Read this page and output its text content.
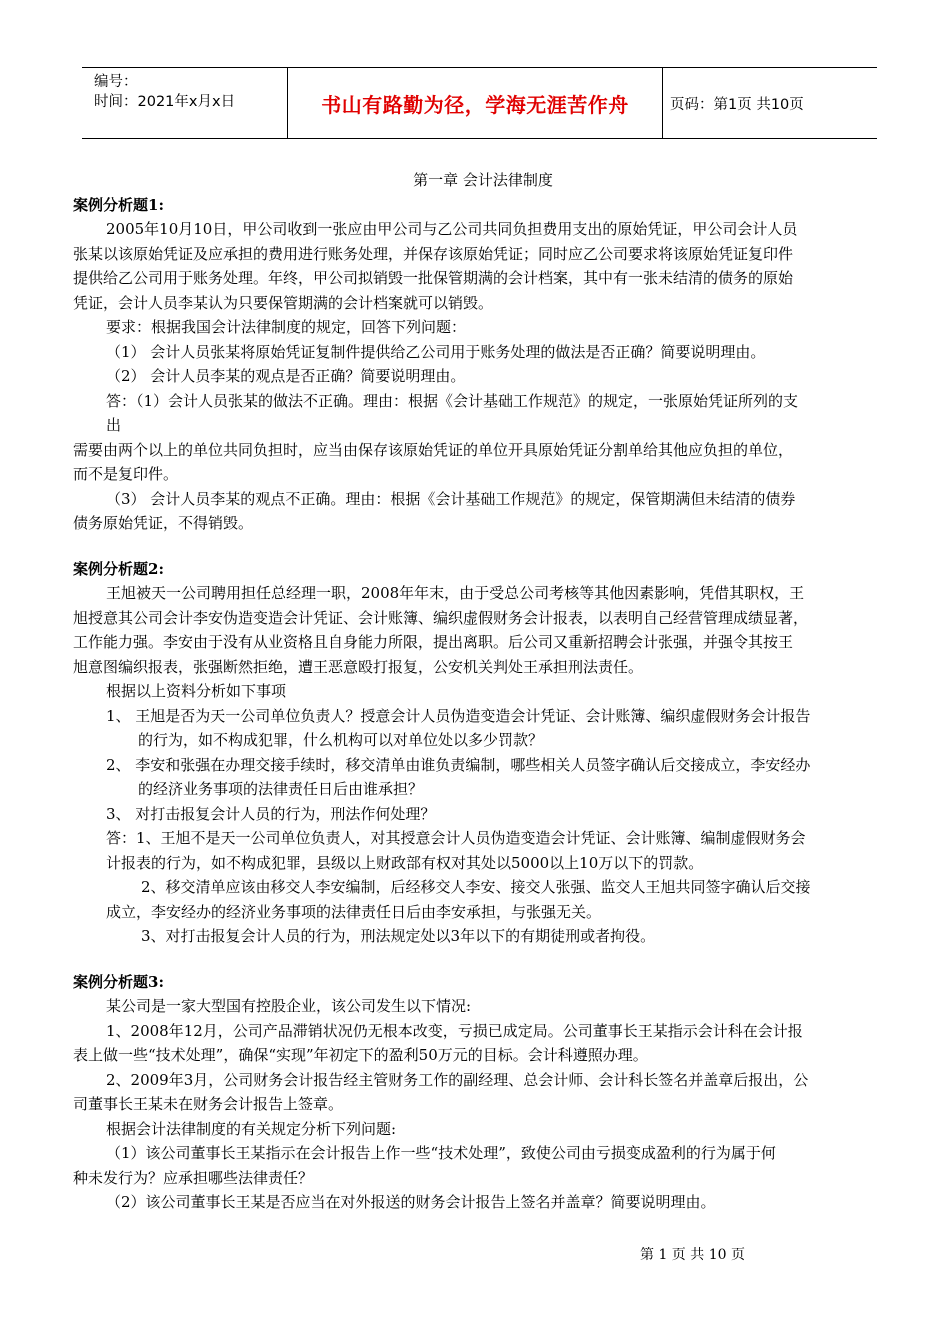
编号：
时间：2021年x月x日	书山有路勤为径，学海无涯苦作舟	页码：第1页 共10页
第一章 会计法律制度
案例分析题1:
2005年10月10日，甲公司收到一张应由甲公司与乙公司共同负担费用支出的原始凭证，甲公司会计人员
张某以该原始凭证及应承担的费用进行账务处理，并保存该原始凭证；同时应乙公司要求将该原始凭证复印件
提供给乙公司用于账务处理。年终，甲公司拟销毁一批保管期满的会计档案，其中有一张未结清的债务的原始
凭证，会计人员李某认为只要保管期满的会计档案就可以销毁。
要求：根据我国会计法律制度的规定，回答下列问题：
（1） 会计人员张某将原始凭证复制件提供给乙公司用于账务处理的做法是否正确？简要说明理由。
（2） 会计人员李某的观点是否正确？简要说明理由。
答：（1）会计人员张某的做法不正确。理由：根据《会计基础工作规范》的规定，一张原始凭证所列的支
出
需要由两个以上的单位共同负担时，应当由保存该原始凭证的单位开具原始凭证分割单给其他应负担的单位，
而不是复印件。
（3） 会计人员李某的观点不正确。理由：根据《会计基础工作规范》的规定，保管期满但未结清的债券
债务原始凭证，不得销毁。
案例分析题2:
王旭被天一公司聘用担任总经理一职，2008年年末，由于受总公司考核等其他因素影响，凭借其职权，王
旭授意其公司会计李安伪造变造会计凭证、会计账簿、编织虚假财务会计报表，以表明自己经营管理成绩显著，
工作能力强。李安由于没有从业资格且自身能力所限，提出离职。后公司又重新招聘会计张强，并强令其按王
旭意图编织报表，张强断然拒绝，遭王恶意殴打报复，公安机关判处王承担刑法责任。
根据以上资料分析如下事项
1、 王旭是否为天一公司单位负责人？授意会计人员伪造变造会计凭证、会计账簿、编织虚假财务会计报告
的行为，如不构成犯罪，什么机构可以对单位处以多少罚款？
2、 李安和张强在办理交接手续时，移交清单由谁负责编制，哪些相关人员签字确认后交接成立，李安经办
的经济业务事项的法律责任日后由谁承担？
3、 对打击报复会计人员的行为，刑法作何处理？
答：1、王旭不是天一公司单位负责人，对其授意会计人员伪造变造会计凭证、会计账簿、编制虚假财务会
计报表的行为，如不构成犯罪，县级以上财政部有权对其处以5000以上10万以下的罚款。
2、移交清单应该由移交人李安编制，后经移交人李安、接交人张强、监交人王旭共同签字确认后交接
成立，李安经办的经济业务事项的法律责任日后由李安承担，与张强无关。
3、对打击报复会计人员的行为，刑法规定处以3年以下的有期徒刑或者拘役。
案例分析题3:
某公司是一家大型国有控股企业，该公司发生以下情况:
1、2008年12月，公司产品滞销状况仍无根本改变，亏损已成定局。公司董事长王某指示会计科在会计报
表上做一些“技术处理”，确保“实现”年初定下的盈利50万元的目标。会计科遵照办理。
2、2009年3月，公司财务会计报告经主管财务工作的副经理、总会计师、会计科长签名并盖章后报出，公
司董事长王某未在财务会计报告上签章。
根据会计法律制度的有关规定分析下列问题:
（1）该公司董事长王某指示在会计报告上作一些“技术处理”，致使公司由亏损变成盈利的行为属于何
种未发行为？应承担哪些法律责任？
（2）该公司董事长王某是否应当在对外报送的财务会计报告上签名并盖章？简要说明理由。
第 1 页 共 10 页
